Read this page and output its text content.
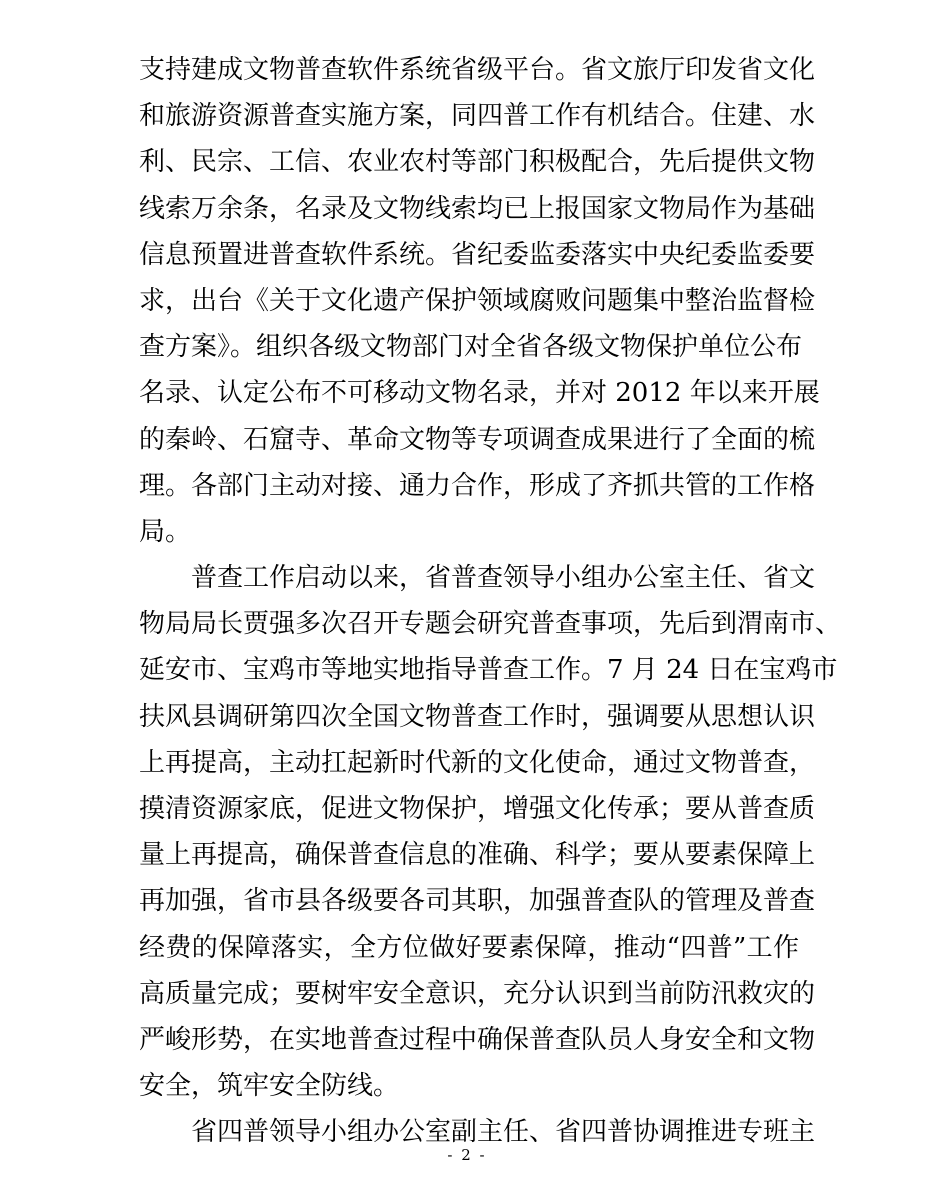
支持建成文物普查软件系统省级平台。省文旅厅印发省文化
和旅游资源普查实施方案，同四普工作有机结合。住建、水
利、民宗、工信、农业农村等部门积极配合，先后提供文物
线索万余条，名录及文物线索均已上报国家文物局作为基础
信息预置进普查软件系统。省纪委监委落实中央纪委监委要
求，出台《关于文化遗产保护领域腐败问题集中整治监督检
查方案》。组织各级文物部门对全省各级文物保护单位公布
名录、认定公布不可移动文物名录，并对 2012 年以来开展
的秦岭、石窟寺、革命文物等专项调查成果进行了全面的梳
理。各部门主动对接、通力合作，形成了齐抓共管的工作格
局。
普查工作启动以来，省普查领导小组办公室主任、省文
物局局长贾强多次召开专题会研究普查事项，先后到渭南市、
延安市、宝鸡市等地实地指导普查工作。7 月 24 日在宝鸡市
扶风县调研第四次全国文物普查工作时，强调要从思想认识
上再提高，主动扛起新时代新的文化使命，通过文物普查，
摸清资源家底，促进文物保护，增强文化传承；要从普查质
量上再提高，确保普查信息的准确、科学；要从要素保障上
再加强，省市县各级要各司其职，加强普查队的管理及普查
经费的保障落实，全方位做好要素保障，推动“四普”工作
高质量完成；要树牢安全意识，充分认识到当前防汛救灾的
严峻形势，在实地普查过程中确保普查队员人身安全和文物
安全，筑牢安全防线。
省四普领导小组办公室副主任、省四普协调推进专班主
- 2 -
